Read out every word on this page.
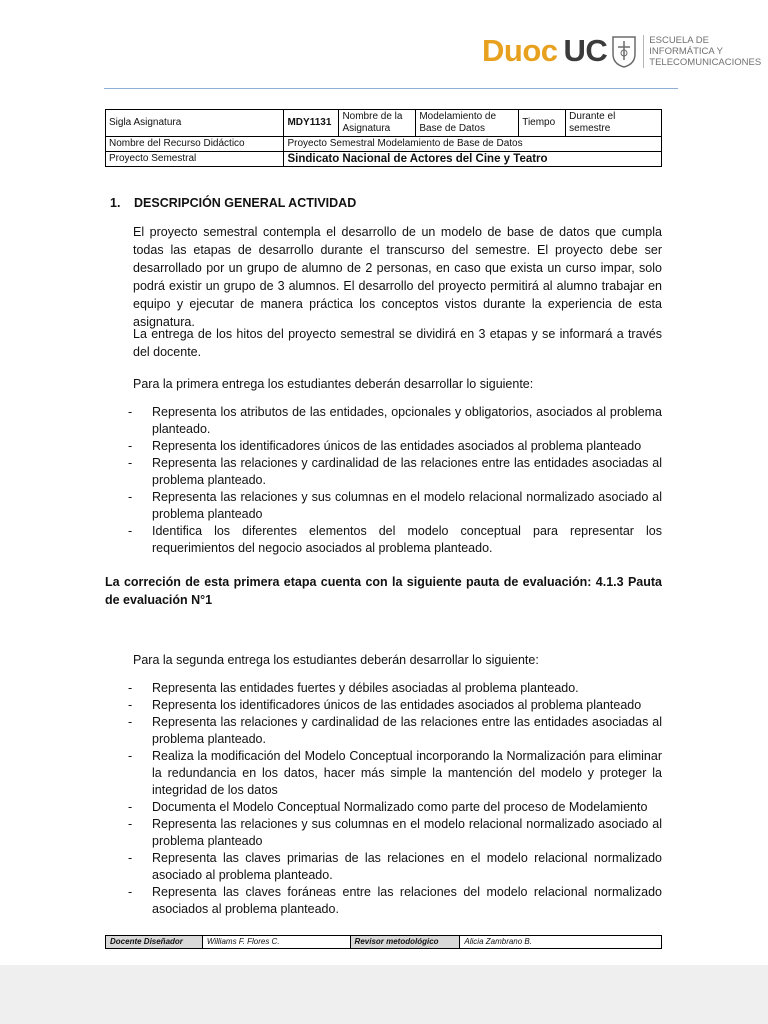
Duoc UC	ESCUELA DE
INFORMÁTICA Y
TELECOMUNICACIONES
Sigla Asignatura	MDY1131	Nombre de la Asignatura	Modelamiento de Base de Datos	Tiempo	Durante el semestre
Nombre del Recurso Didáctico	Proyecto Semestral Modelamiento de Base de Datos				
Proyecto Semestral	Sindicato Nacional de Actores del Cine y Teatro				
1. DESCRIPCIÓN GENERAL ACTIVIDAD

El proyecto semestral contempla el desarrollo de un modelo de base de datos que cumpla todas las etapas de desarrollo durante el transcurso del semestre. El proyecto debe ser desarrollado por un grupo de alumno de 2 personas, en caso que exista un curso impar, solo podrá existir un grupo de 3 alumnos. El desarrollo del proyecto permitirá al alumno trabajar en equipo y ejecutar de manera práctica los conceptos vistos durante la experiencia de esta asignatura.

La entrega de los hitos del proyecto semestral se dividirá en 3 etapas y se informará a través del docente.

Para la primera entrega los estudiantes deberán desarrollar lo siguiente:

- Representa los atributos de las entidades, opcionales y obligatorios, asociados al problema planteado.
- Representa los identificadores únicos de las entidades asociados al problema planteado
- Representa las relaciones y cardinalidad de las relaciones entre las entidades asociadas al problema planteado.
- Representa las relaciones y sus columnas en el modelo relacional normalizado asociado al problema planteado
- Identifica los diferentes elementos del modelo conceptual para representar los requerimientos del negocio asociados al problema planteado.

La correción de esta primera etapa cuenta con la siguiente pauta de evaluación: 4.1.3 Pauta de evaluación N°1

Para la segunda entrega los estudiantes deberán desarrollar lo siguiente:

- Representa las entidades fuertes y débiles asociadas al problema planteado.
- Representa los identificadores únicos de las entidades asociados al problema planteado
- Representa las relaciones y cardinalidad de las relaciones entre las entidades asociadas al problema planteado.
- Realiza la modificación del Modelo Conceptual incorporando la Normalización para eliminar la redundancia en los datos, hacer más simple la mantención del modelo y proteger la integridad de los datos
- Documenta el Modelo Conceptual Normalizado como parte del proceso de Modelamiento
- Representa las relaciones y sus columnas en el modelo relacional normalizado asociado al problema planteado
- Representa las claves primarias de las relaciones en el modelo relacional normalizado asociado al problema planteado.
- Representa las claves foráneas entre las relaciones del modelo relacional normalizado asociados al problema planteado.
Docente Diseñador	Williams F. Flores C.	Revisor metodológico	Alicia Zambrano B.
